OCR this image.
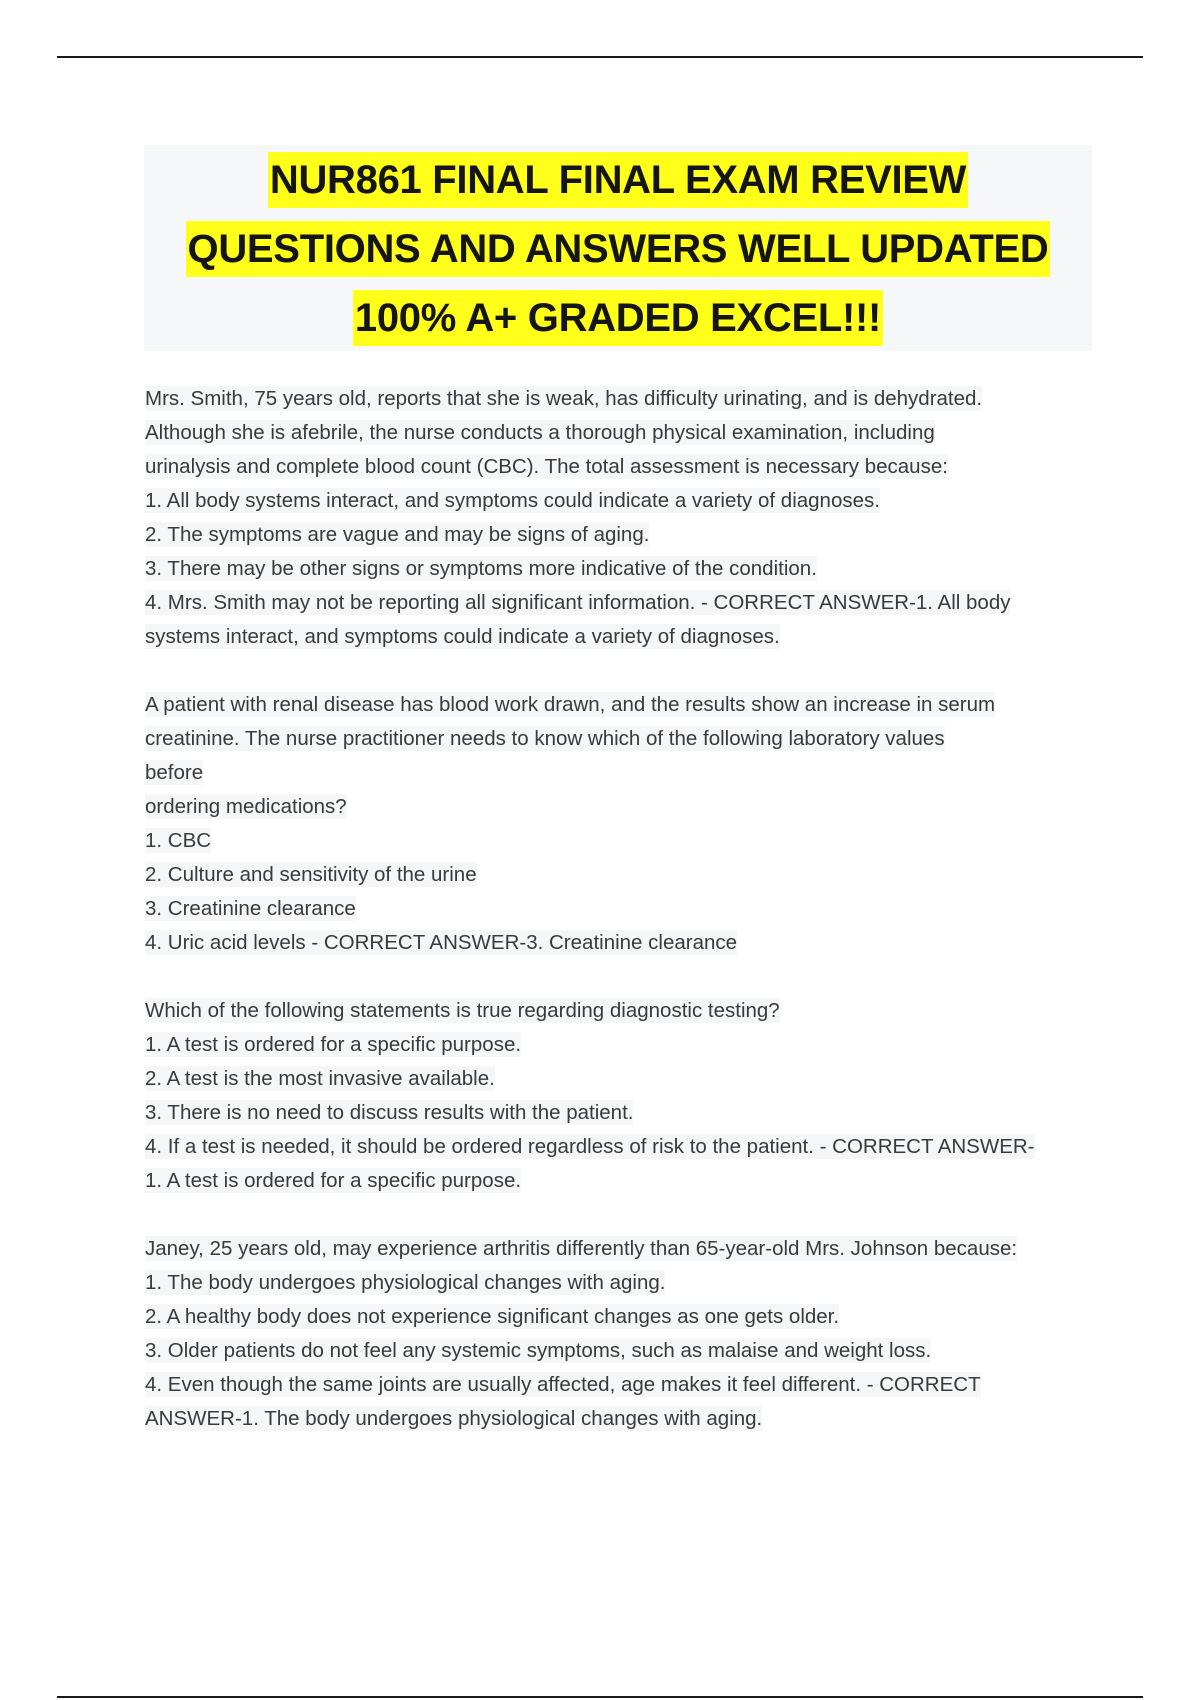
NUR861 FINAL FINAL EXAM REVIEW
QUESTIONS AND ANSWERS WELL UPDATED
100% A+ GRADED EXCEL!!!
Mrs. Smith, 75 years old, reports that she is weak, has difficulty urinating, and is dehydrated.
Although she is afebrile, the nurse conducts a thorough physical examination, including
urinalysis and complete blood count (CBC). The total assessment is necessary because:
1. All body systems interact, and symptoms could indicate a variety of diagnoses.
2. The symptoms are vague and may be signs of aging.
3. There may be other signs or symptoms more indicative of the condition.
4. Mrs. Smith may not be reporting all significant information. - CORRECT ANSWER-1. All body
systems interact, and symptoms could indicate a variety of diagnoses.
A patient with renal disease has blood work drawn, and the results show an increase in serum
creatinine. The nurse practitioner needs to know which of the following laboratory values
before
ordering medications?
1. CBC
2. Culture and sensitivity of the urine
3. Creatinine clearance
4. Uric acid levels - CORRECT ANSWER-3. Creatinine clearance
Which of the following statements is true regarding diagnostic testing?
1. A test is ordered for a specific purpose.
2. A test is the most invasive available.
3. There is no need to discuss results with the patient.
4. If a test is needed, it should be ordered regardless of risk to the patient. - CORRECT ANSWER-
1. A test is ordered for a specific purpose.
Janey, 25 years old, may experience arthritis differently than 65-year-old Mrs. Johnson because:
1. The body undergoes physiological changes with aging.
2. A healthy body does not experience significant changes as one gets older.
3. Older patients do not feel any systemic symptoms, such as malaise and weight loss.
4. Even though the same joints are usually affected, age makes it feel different. - CORRECT
ANSWER-1. The body undergoes physiological changes with aging.
